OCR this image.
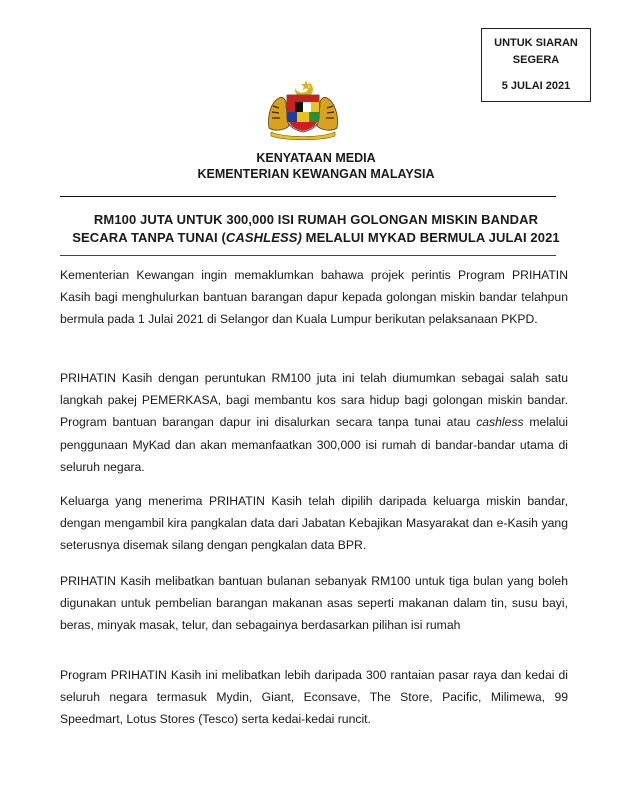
UNTUK SIARAN
SEGERA
5 JULAI 2021
KENYATAAN MEDIA
KEMENTERIAN KEWANGAN MALAYSIA
RM100 JUTA UNTUK 300,000 ISI RUMAH GOLONGAN MISKIN BANDAR
SECARA TANPA TUNAI (CASHLESS) MELALUI MYKAD BERMULA JULAI 2021

Kementerian Kewangan ingin memaklumkan bahawa projek perintis Program PRIHATIN Kasih bagi menghulurkan bantuan barangan dapur kepada golongan miskin bandar telahpun bermula pada 1 Julai 2021 di Selangor dan Kuala Lumpur berikutan pelaksanaan PKPD.

PRIHATIN Kasih dengan peruntukan RM100 juta ini telah diumumkan sebagai salah satu langkah pakej PEMERKASA, bagi membantu kos sara hidup bagi golongan miskin bandar. Program bantuan barangan dapur ini disalurkan secara tanpa tunai atau cashless melalui penggunaan MyKad dan akan memanfaatkan 300,000 isi rumah di bandar-bandar utama di seluruh negara.

Keluarga yang menerima PRIHATIN Kasih telah dipilih daripada keluarga miskin bandar, dengan mengambil kira pangkalan data dari Jabatan Kebajikan Masyarakat dan e-Kasih yang seterusnya disemak silang dengan pengkalan data BPR.

PRIHATIN Kasih melibatkan bantuan bulanan sebanyak RM100 untuk tiga bulan yang boleh digunakan untuk pembelian barangan makanan asas seperti makanan dalam tin, susu bayi, beras, minyak masak, telur, dan sebagainya berdasarkan pilihan isi rumah

Program PRIHATIN Kasih ini melibatkan lebih daripada 300 rantaian pasar raya dan kedai di seluruh negara termasuk Mydin, Giant, Econsave, The Store, Pacific, Milimewa, 99 Speedmart, Lotus Stores (Tesco) serta kedai-kedai runcit.
